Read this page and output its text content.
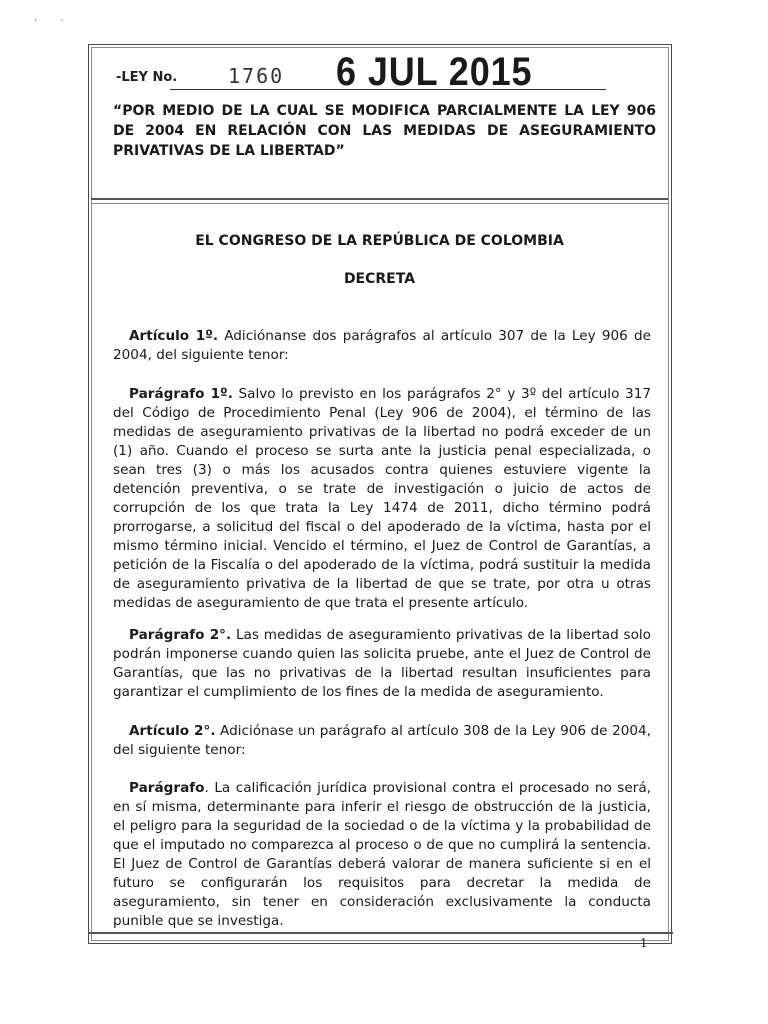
· ·
-LEY No.	1760 6 JUL 2015
“POR MEDIO DE LA CUAL SE MODIFICA PARCIALMENTE LA LEY 906 DE 2004 EN RELACIÓN CON LAS MEDIDAS DE ASEGURAMIENTO PRIVATIVAS DE LA LIBERTAD”
EL CONGRESO DE LA REPÚBLICA DE COLOMBIA
DECRETA
Artículo 1º. Adiciónanse dos parágrafos al artículo 307 de la Ley 906 de 2004, del siguiente tenor:
Parágrafo 1º. Salvo lo previsto en los parágrafos 2° y 3º del artículo 317 del Código de Procedimiento Penal (Ley 906 de 2004), el término de las medidas de aseguramiento privativas de la libertad no podrá exceder de un (1) año. Cuando el proceso se surta ante la justicia penal especializada, o sean tres (3) o más los acusados contra quienes estuviere vigente la detención preventiva, o se trate de investigación o juicio de actos de corrupción de los que trata la Ley 1474 de 2011, dicho término podrá prorrogarse, a solicitud del fiscal o del apoderado de la víctima, hasta por el mismo término inicial. Vencido el término, el Juez de Control de Garantías, a petición de la Fiscalía o del apoderado de la víctima, podrá sustituir la medida de aseguramiento privativa de la libertad de que se trate, por otra u otras medidas de aseguramiento de que trata el presente artículo.
Parágrafo 2°. Las medidas de aseguramiento privativas de la libertad solo podrán imponerse cuando quien las solicita pruebe, ante el Juez de Control de Garantías, que las no privativas de la libertad resultan insuficientes para garantizar el cumplimiento de los fines de la medida de aseguramiento.
Artículo 2°. Adiciónase un parágrafo al artículo 308 de la Ley 906 de 2004, del siguiente tenor:
Parágrafo. La calificación jurídica provisional contra el procesado no será, en sí misma, determinante para inferir el riesgo de obstrucción de la justicia, el peligro para la seguridad de la sociedad o de la víctima y la probabilidad de que el imputado no comparezca al proceso o de que no cumplirá la sentencia. El Juez de Control de Garantías deberá valorar de manera suficiente si en el futuro se configurarán los requisitos para decretar la medida de aseguramiento, sin tener en consideración exclusivamente la conducta punible que se investiga.
1
